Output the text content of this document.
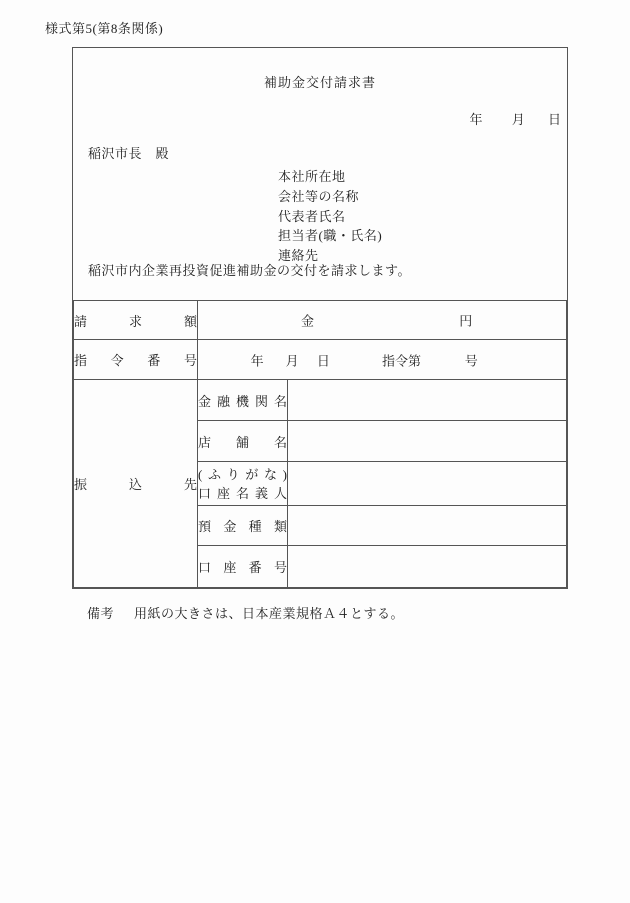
様式第5(第8条関係)
補助金交付請求書
年 月 日
稲沢市長　殿
本社所在地
会社等の名称
代表者氏名
担当者(職・氏名)
連絡先
稲沢市内企業再投資促進補助金の交付を請求します。
請求額	金 円	

指令番号	年 月 日 指令第 号	

振込先	金融機関名	
	店舗名	

	(ふりがな)
口座名義人	

	預金種類	
	口座番号	
備考 用紙の大きさは、日本産業規格Ａ４とする。
